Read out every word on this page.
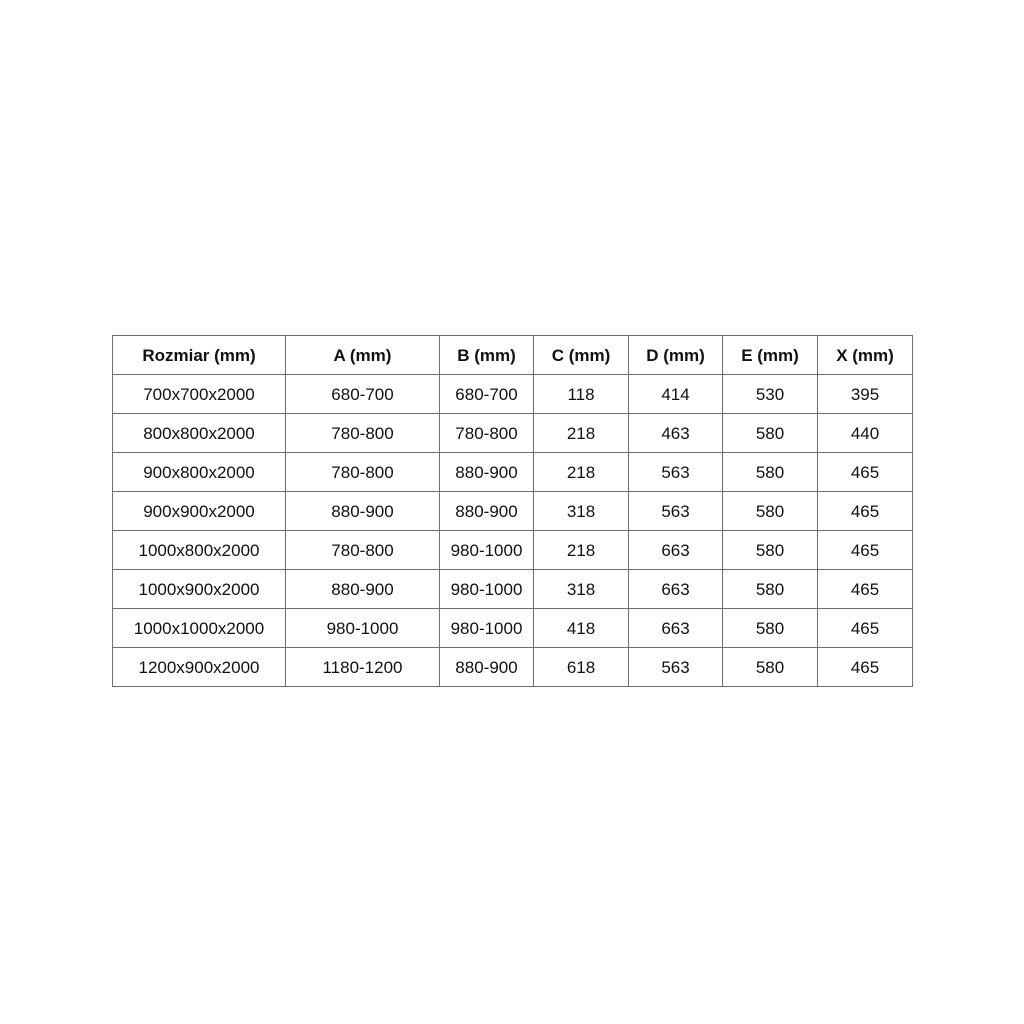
Rozmiar (mm)	A (mm)	B (mm)	C (mm)	D (mm)	E (mm)	X (mm)
700x700x2000	680-700	680-700	118	414	530	395
800x800x2000	780-800	780-800	218	463	580	440
900x800x2000	780-800	880-900	218	563	580	465
900x900x2000	880-900	880-900	318	563	580	465
1000x800x2000	780-800	980-1000	218	663	580	465
1000x900x2000	880-900	980-1000	318	663	580	465
1000x1000x2000	980-1000	980-1000	418	663	580	465
1200x900x2000	1180-1200	880-900	618	563	580	465
